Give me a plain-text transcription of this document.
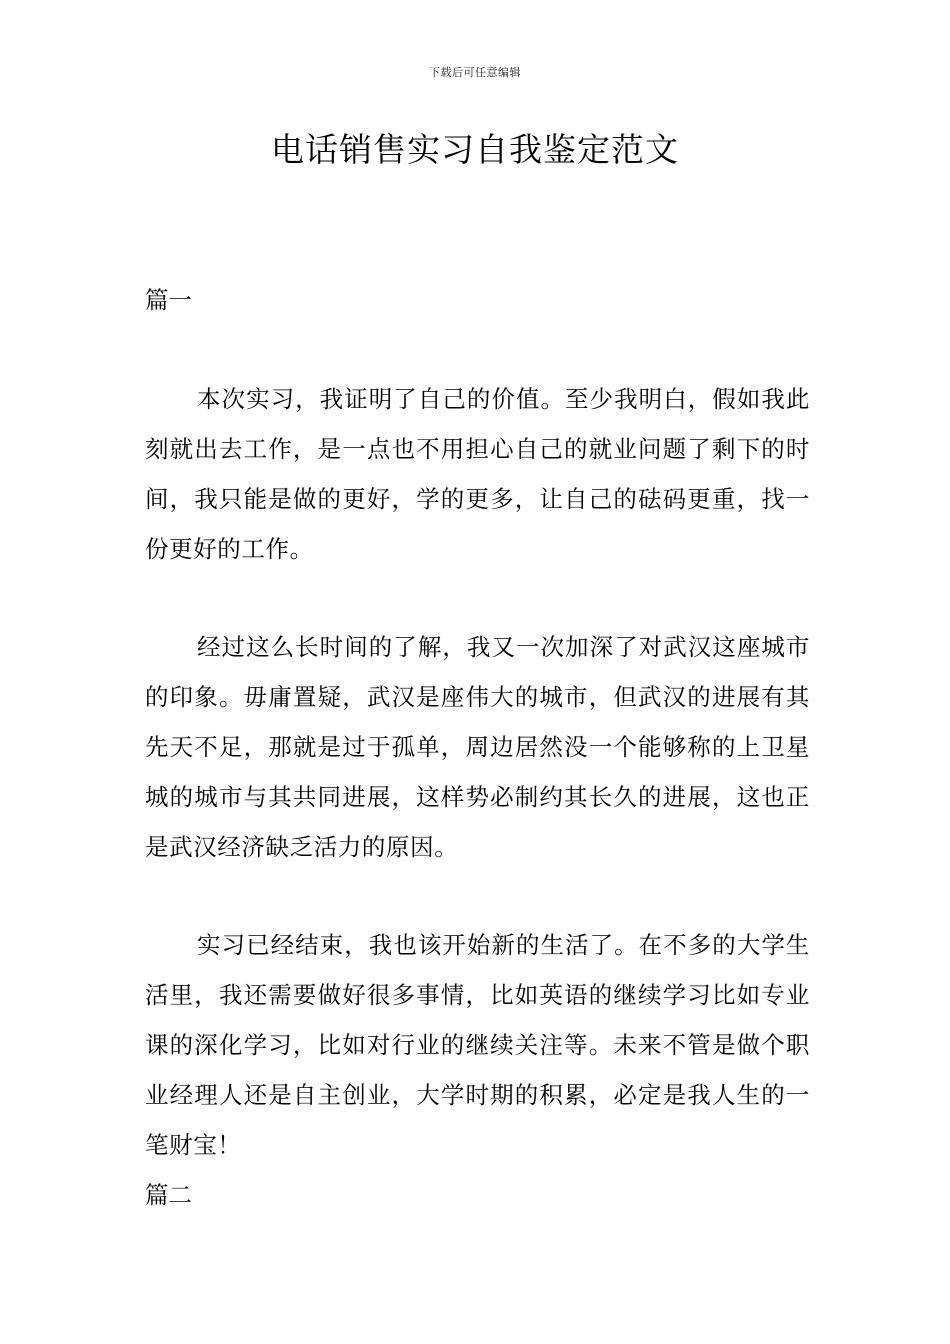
下载后可任意编辑
电话销售实习自我鉴定范文
篇一

本次实习，我证明了自己的价值。至少我明白，假如我此刻就出去工作，是一点也不用担心自己的就业问题了剩下的时间，我只能是做的更好，学的更多，让自己的砝码更重，找一份更好的工作。

经过这么长时间的了解，我又一次加深了对武汉这座城市的印象。毋庸置疑，武汉是座伟大的城市，但武汉的进展有其先天不足，那就是过于孤单，周边居然没一个能够称的上卫星城的城市与其共同进展，这样势必制约其长久的进展，这也正是武汉经济缺乏活力的原因。

实习已经结束，我也该开始新的生活了。在不多的大学生活里，我还需要做好很多事情，比如英语的继续学习比如专业课的深化学习，比如对行业的继续关注等。未来不管是做个职业经理人还是自主创业，大学时期的积累，必定是我人生的一笔财宝！

篇二
